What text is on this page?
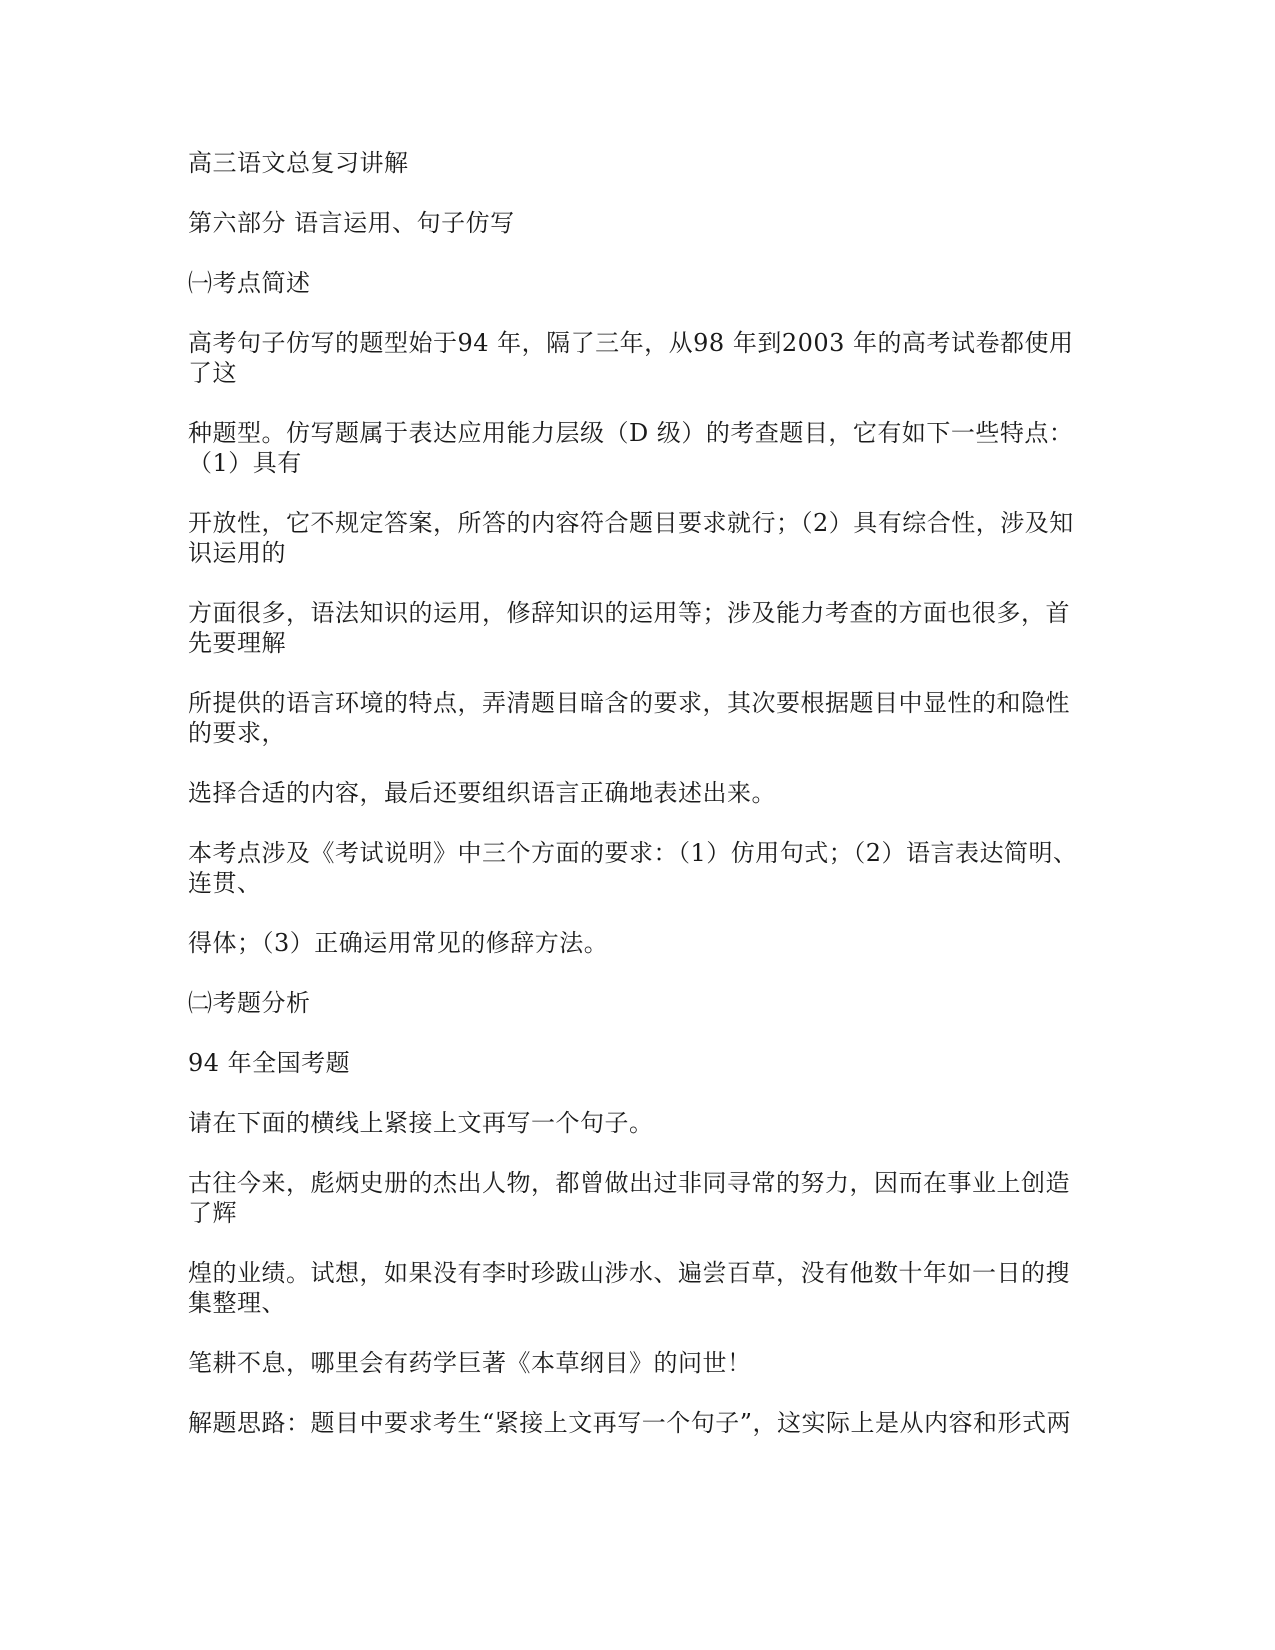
高三语文总复习讲解

第六部分 语言运用、句子仿写

㈠考点简述

高考句子仿写的题型始于94 年，隔了三年，从98 年到2003 年的高考试卷都使用了这

种题型。仿写题属于表达应用能力层级（D 级）的考查题目，它有如下一些特点：（1）具有

开放性，它不规定答案，所答的内容符合题目要求就行；（2）具有综合性，涉及知识运用的

方面很多，语法知识的运用，修辞知识的运用等；涉及能力考查的方面也很多，首先要理解

所提供的语言环境的特点，弄清题目暗含的要求，其次要根据题目中显性的和隐性的要求，

选择合适的内容，最后还要组织语言正确地表述出来。

本考点涉及《考试说明》中三个方面的要求：（1）仿用句式；（2）语言表达简明、连贯、

得体；（3）正确运用常见的修辞方法。

㈡考题分析

94 年全国考题

请在下面的横线上紧接上文再写一个句子。

古往今来，彪炳史册的杰出人物，都曾做出过非同寻常的努力，因而在事业上创造了辉

煌的业绩。试想，如果没有李时珍跋山涉水、遍尝百草，没有他数十年如一日的搜集整理、

笔耕不息，哪里会有药学巨著《本草纲目》的问世！

解题思路：题目中要求考生“紧接上文再写一个句子”，这实际上是从内容和形式两
